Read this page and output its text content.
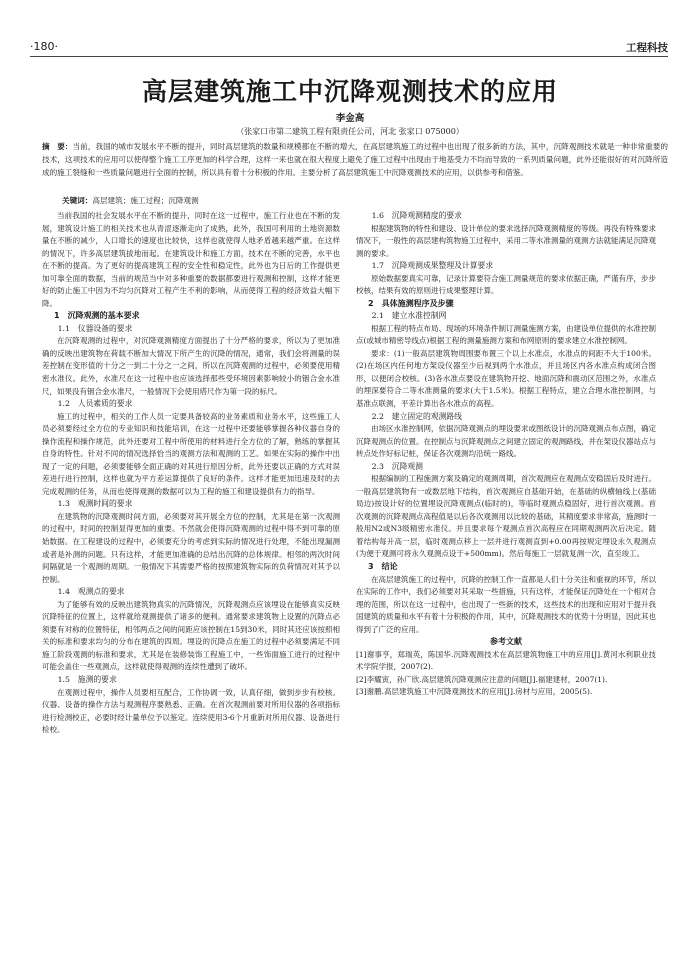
·180·	工程科技
高层建筑施工中沉降观测技术的应用
李金高
（张家口市第二建筑工程有限责任公司，河北 张家口 075000）
摘　要：当前，我国的城市发展水平不断的提升，同时高层建筑的数量和规模都在不断的增大，在高层建筑施工的过程中也出现了很多新的方法，其中，沉降观测技术就是一种非常重要的技术，这项技术的应用可以使得整个施工工序更加的科学合理，这样一来也就在很大程度上避免了施工过程中出现由于地基受力不均而导致的一系列质量问题，此外还能很好的对沉降所造成的施工裂缝和一些质量问题进行全面的控制，所以具有着十分积极的作用。主要分析了高层建筑施工中沉降观测技术的应用，以供参考和借鉴。
关键词：高层建筑；施工过程；沉降观测

当前我国的社会发展水平在不断的提升，同时在这一过程中，施工行业也在不断的发展，建筑设计施工的相关技术也从青涩逐渐走向了成熟，此外，我国可利用的土地资源数量在不断的减少，人口增长的速度也比较快，这样也就使得人地矛盾越来越严重。在这样的情况下，许多高层建筑拔地而起。在建筑设计和施工方面，技术在不断的完善，水平也在不断的提高。为了更好的提高建筑工程的安全性和稳定性，此外也为日后的工作提供更加可靠全面的数据，当前的规范当中对多种重要的数据都要进行观测和控制，这样才能更好的防止施工中因为不均匀沉降对工程产生不利的影响，从而使得工程的经济效益大幅下降。

1　沉降观测的基本要求
1.1　仪器设备的要求

在沉降观测的过程中，对沉降观测精度方面提出了十分严格的要求，所以为了更加准确的反映出建筑物在荷载不断加大情况下所产生的沉降的情况，通常，我们会将测量的误差控制在变形值的十分之一到二十分之一之间，所以在沉降观测的过程中，必须要使用精密水准仪。此外，水准尺在这一过程中也应该选择那些受环境因素影响较小的铟合金水准尺，如果没有铟合金水准尺，一般情况下会使用塔尺作为第一段的标尺。

1.2　人员素质的要求

施工的过程中，相关的工作人员一定要具备较高的业务素质和业务水平，这些施工人员必须要经过全方位的专业知识和技能培训，在这一过程中还要能够掌握各种仪器自身的操作流程和操作规范，此外还要对工程中所使用的材料进行全方位的了解，熟练的掌握其自身的特性。针对不同的情况选择恰当的观测方法和观测的工艺。如果在实际的操作中出现了一定的问题，必须要能够全面正确的对其进行原因分析，此外还要以正确的方式对误差进行进行控制，这样也就为平方差运算提供了良好的条件。这样才能更加迅速及时的去完成观测的任务，从而也使得观测的数据可以为工程的施工和建设提供有力的指导。

1.3　观测时间的要求

在建筑物的沉降观测时间方面，必须要对其开展全方位的控制，尤其是在第一次观测的过程中，时间的控制显得更加的重要。不然就会使得沉降观测的过程中得不到可靠的原始数据。在工程建设的过程中，必须要充分的考虑到实际的情况进行处理，不能出现漏测或者是补测的问题。只有这样，才能更加准确的总结出沉降的总体规律。相邻的两次时间间隔就是一个观测的周期。一般情况下其需要严格的按照建筑物实际的负荷情况对其予以控制。

1.4　观测点的要求

为了能够有效的反映出建筑物真实的沉降情况，沉降观测点应该埋设在能够真实反映沉降特征的位置上，这样就给观测提供了诸多的便利。通常要求建筑物上设置的沉降点必须要有对称的位置特征，相邻两点之间的间距应该控制在15到30米，同时其还应该按照相关的标准和要求均匀的分布在建筑的四周。埋设的沉降点在施工的过程中必须要满足不同施工阶段观测的标准和要求，尤其是在装修装饰工程施工中，一些饰面施工进行的过程中可能会盖住一些观测点，这样就使得观测的连续性遭到了破坏。

1.5　施测的要求

在观测过程中，操作人员要相互配合，工作协调一致，认真仔细，做到步步有校核。仪器、设备的操作方法与观测程序要熟悉、正确。在首次观测前要对所用仪器的各项指标进行检测校正，必要时经计量单位予以鉴定。连续使用3-6个月重新对所用仪器、设备进行检校。

1.6　沉降观测精度的要求

根据建筑物的特性和建设、设计单位的要求选择沉降观测精度的等级。再没有特殊要求情况下，一般性的高层建构筑物施工过程中，采用二等水准测量的观测方法就能满足沉降观测的要求。

1.7　沉降观测成果整理及计算要求

原始数据要真实可靠，记录计算要符合施工测量规范的要求依据正确，严谨有序，步步校核，结果有效的原则进行成果整理计算。

2　具体施测程序及步骤
2.1　建立水准控制网

根据工程的特点布局、现场的环境条件制订测量施测方案，由建设单位提供的水准控制点(或城市精密导线点)根据工程的测量施测方案和布网原则的要求建立水准控制网。

要求：(1)一般高层建筑物周围要布置三个以上水准点，水准点的间距不大于100米。(2)在场区内任何地方架设仪器至少后视到两个水准点，并且场区内各水准点构成闭合图形，以便闭合校核。(3)各水准点要设在建筑物开挖、地面沉降和震动区范围之外，水准点的埋深要符合二等水准测量的要求(大于1.5米)。根据工程特点，建立合理水准控制网，与基准点联测，平差计算出各水准点的高程。

2.2　建立固定的观测路线

由场区水准控制网，依据沉降观测点的埋设要求或图纸设计的沉降观测点布点图，确定沉降观测点的位置。在控制点与沉降观测点之间建立固定的观测路线，并在架设仪器站点与转点处作好标记桩，保证各次观测均沿统一路线。

2.3　沉降观测

根据编制的工程施测方案及确定的观测周期，首次观测应在观测点安稳固后及时进行。一般高层建筑物有一或数层地下结构，首次观测应自基础开始，在基础的纵横轴线上(基础局边)按设计好的位置埋设沉降观测点(临时的)，等临时观测点稳固好，进行首次观测。首次观测的沉降观测点高程值是以后各次观测用以比较的基础，其精度要求非常高，施测时一般用N2或N3级精密水准仪。并且要求每个观测点首次高程应在同期观测两次后决定。随着结构每升高一层，临时观测点移上一层并进行观测直到+0.00再按规定埋设永久观测点(为便于观测可将永久观测点设于+500mm)。然后每施工一层就复测一次，直至竣工。

3　结论

在高层建筑施工的过程中，沉降的控制工作一直都是人们十分关注和重视的环节，所以在实际的工作中，我们必须要对其采取一些措施，只有这样，才能保证沉降处在一个相对合理的范围，所以在这一过程中，也出现了一些新的技术，这些技术的出现和应用对于提升我国建筑的质量和水平有着十分积极的作用，其中，沉降观测技术的优势十分明显，因此其也得到了广泛的应用。

参考文献

[1]谢事亨，郑瑞英，陈国华.沉降观测技术在高层建筑物施工中的应用[J].黄河水利职业技术学院学报，2007(2).

[2]李耀寅，孙广欣.高层建筑沉降观测应注意的问题[J].福建建材，2007(1).

[3]谢鹏.高层建筑施工中沉降观测技术的应用[J].房材与应用，2005(5).
